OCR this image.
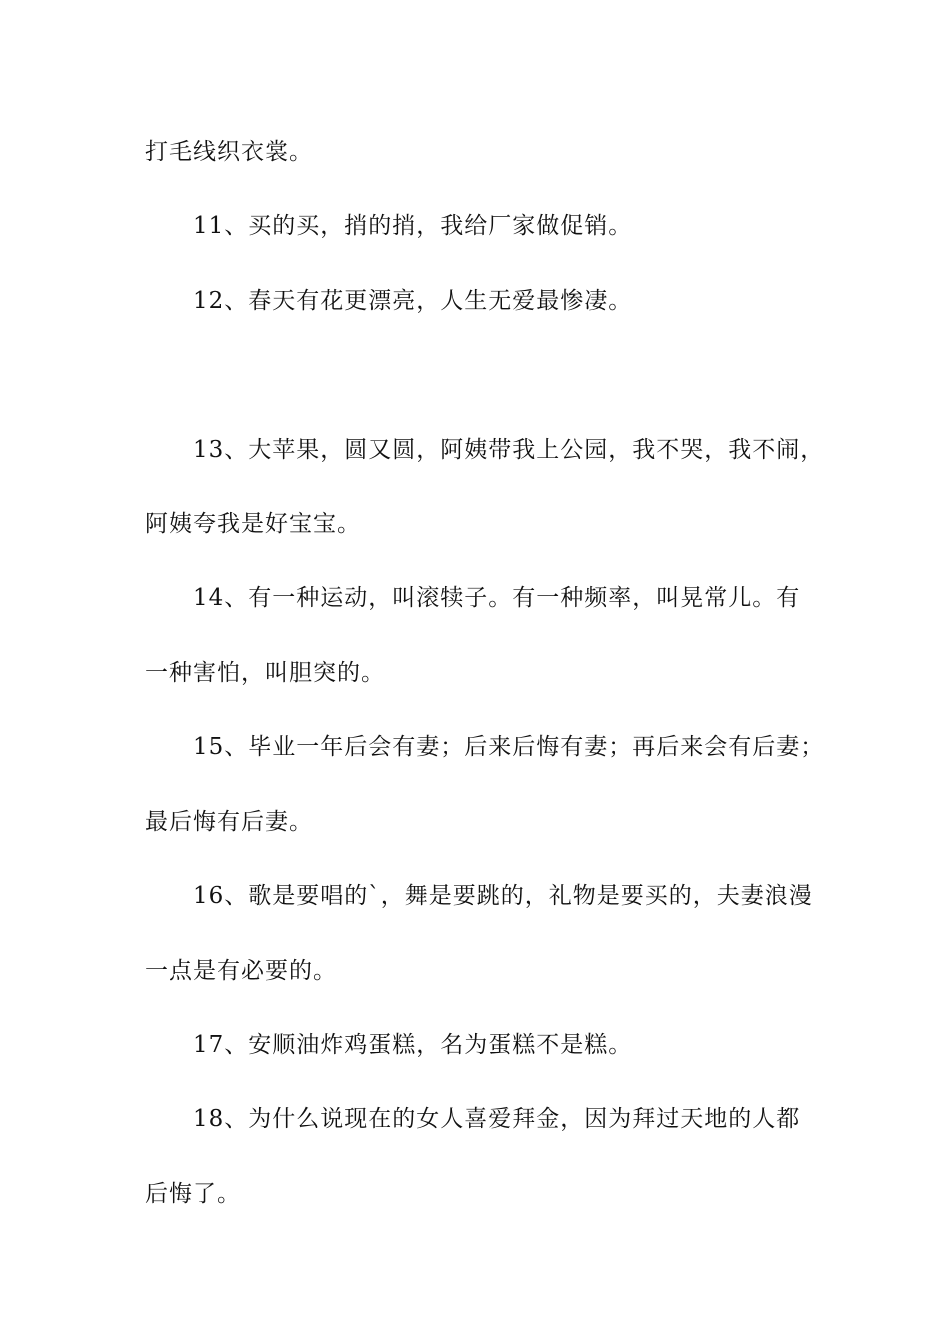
打毛线织衣裳。
11、买的买，捎的捎，我给厂家做促销。
12、春天有花更漂亮，人生无爱最惨凄。
13、大苹果，圆又圆，阿姨带我上公园，我不哭，我不闹，
阿姨夸我是好宝宝。
14、有一种运动，叫滚犊子。有一种频率，叫晃常儿。有
一种害怕，叫胆突的。
15、毕业一年后会有妻；后来后悔有妻；再后来会有后妻；
最后悔有后妻。
16、歌是要唱的`，舞是要跳的，礼物是要买的，夫妻浪漫
一点是有必要的。
17、安顺油炸鸡蛋糕，名为蛋糕不是糕。
18、为什么说现在的女人喜爱拜金，因为拜过天地的人都
后悔了。
